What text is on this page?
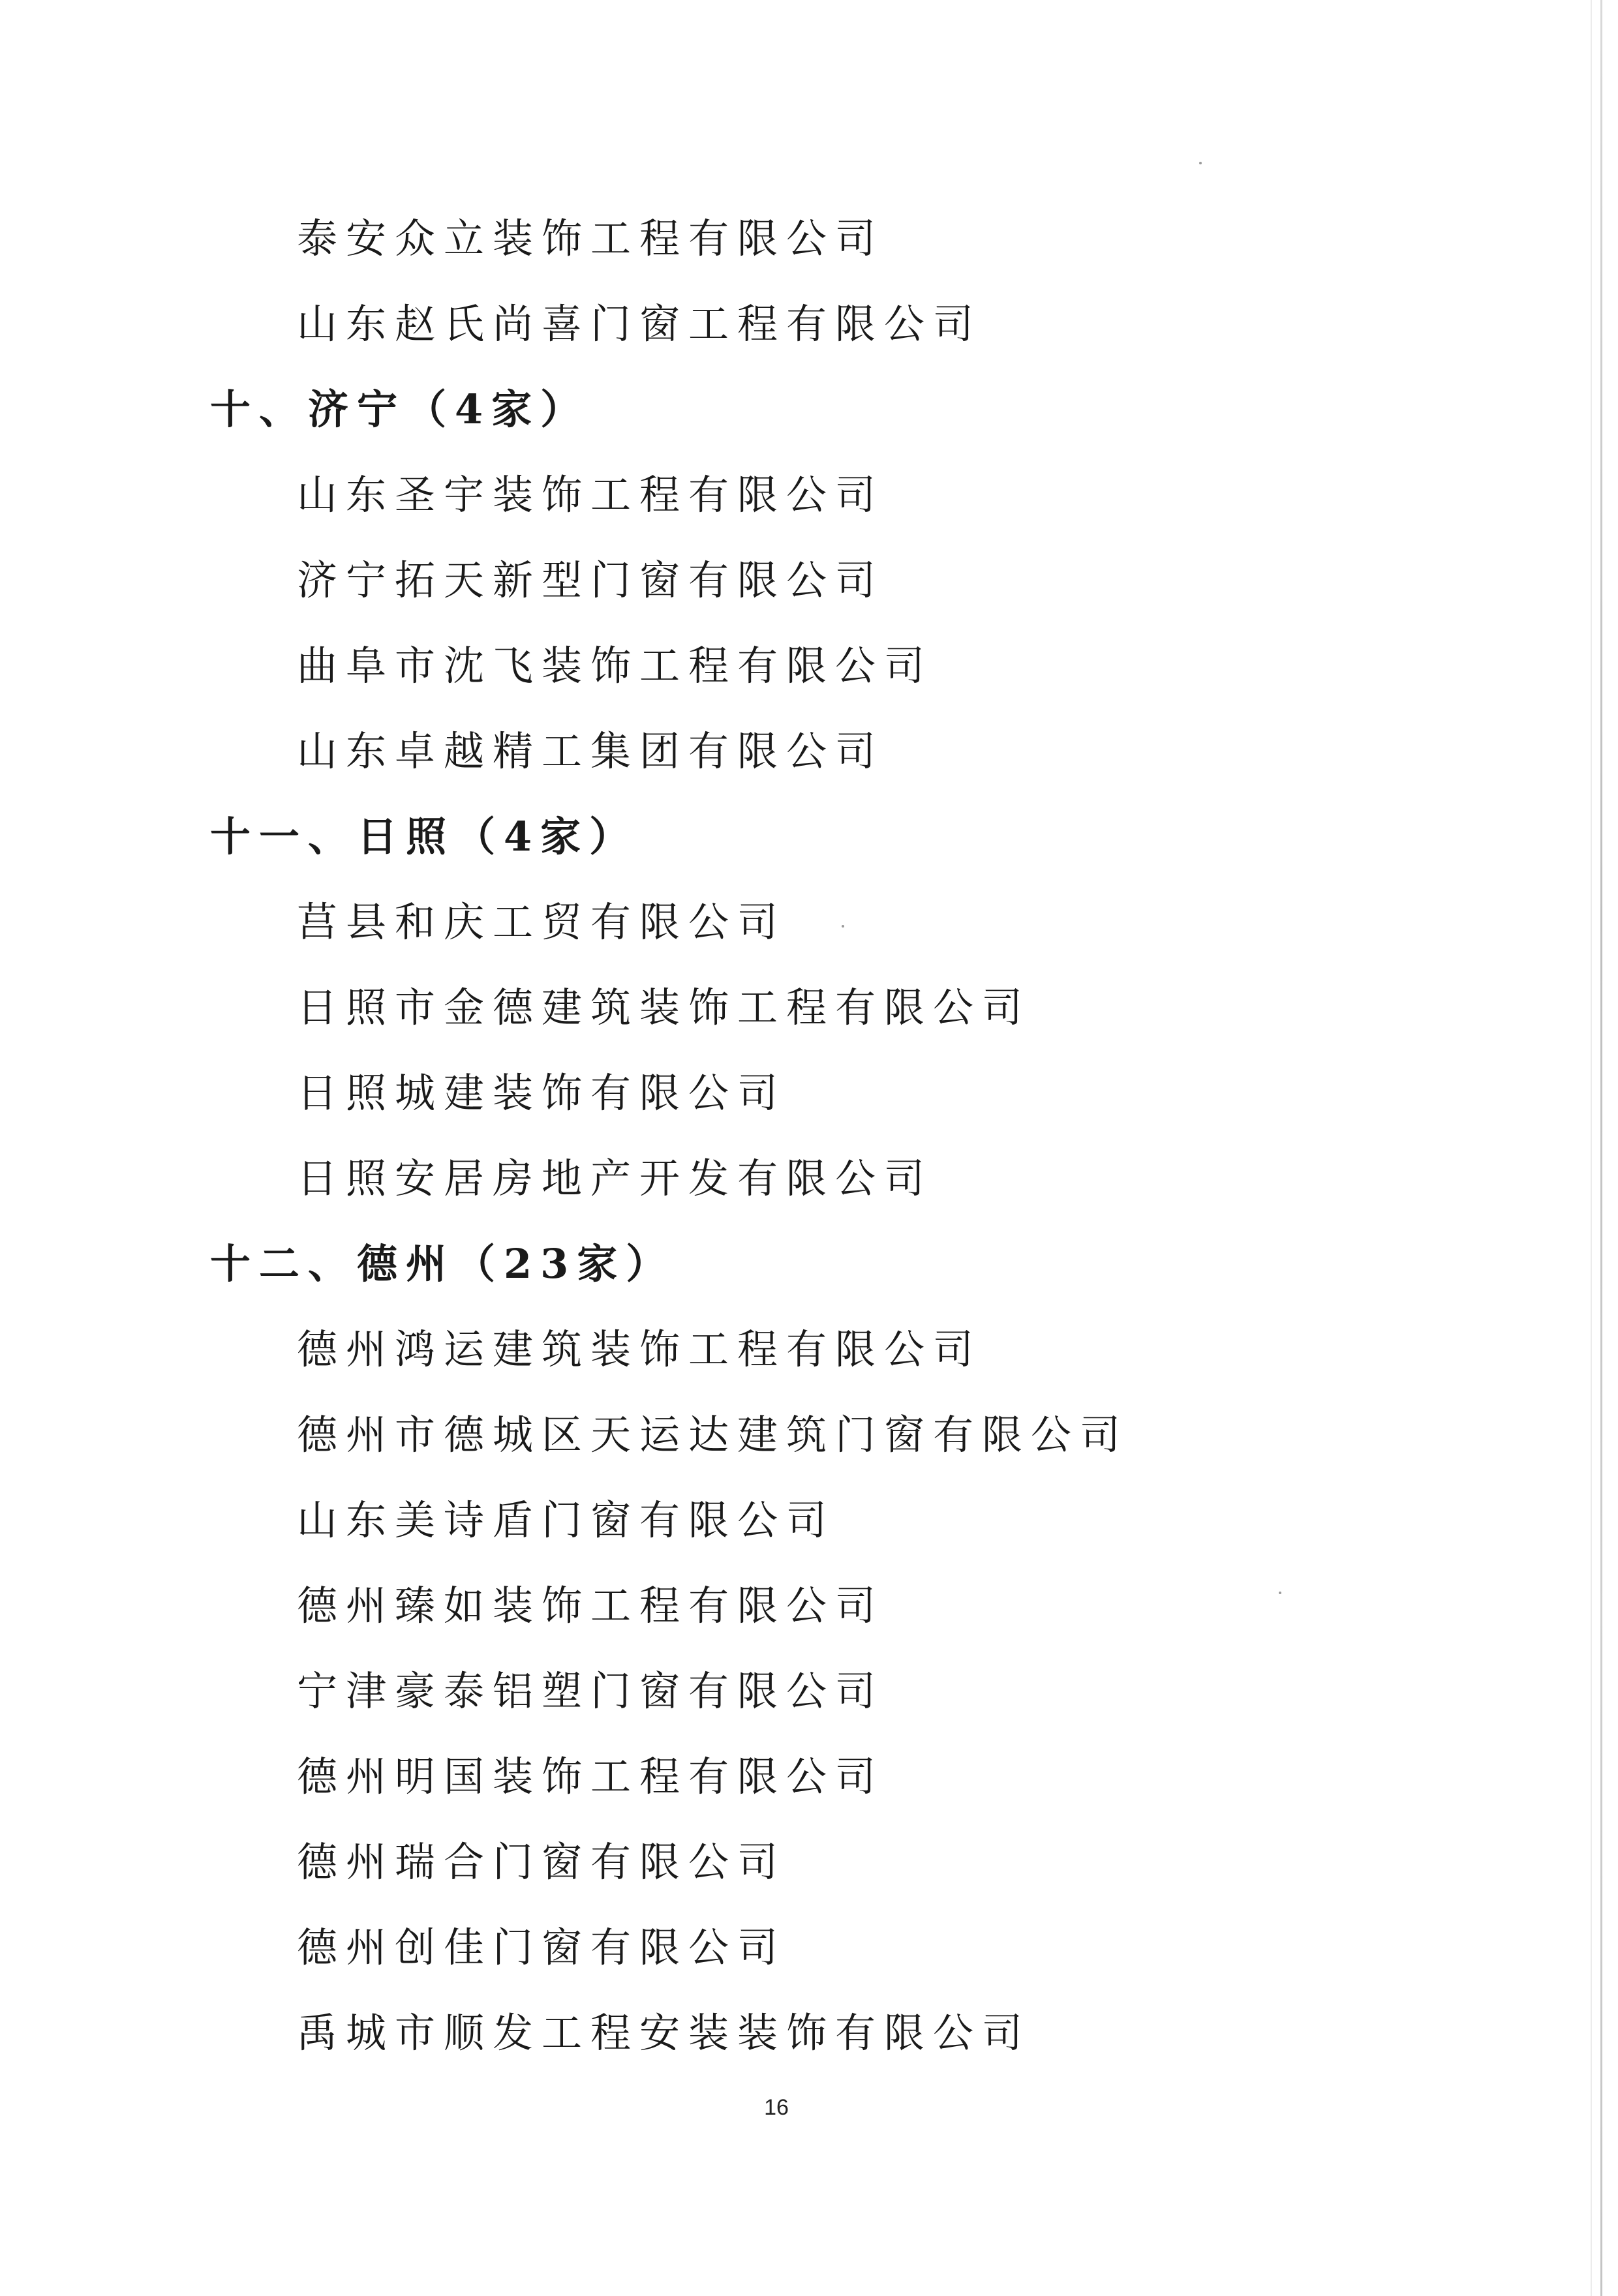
泰安众立装饰工程有限公司
山东赵氏尚喜门窗工程有限公司
十、济宁（4家）
山东圣宇装饰工程有限公司
济宁拓天新型门窗有限公司
曲阜市沈飞装饰工程有限公司
山东卓越精工集团有限公司
十一、日照（4家）
莒县和庆工贸有限公司
日照市金德建筑装饰工程有限公司
日照城建装饰有限公司
日照安居房地产开发有限公司
十二、德州（23家）
德州鸿运建筑装饰工程有限公司
德州市德城区天运达建筑门窗有限公司
山东美诗盾门窗有限公司
德州臻如装饰工程有限公司
宁津豪泰铝塑门窗有限公司
德州明国装饰工程有限公司
德州瑞合门窗有限公司
德州创佳门窗有限公司
禹城市顺发工程安装装饰有限公司
16
